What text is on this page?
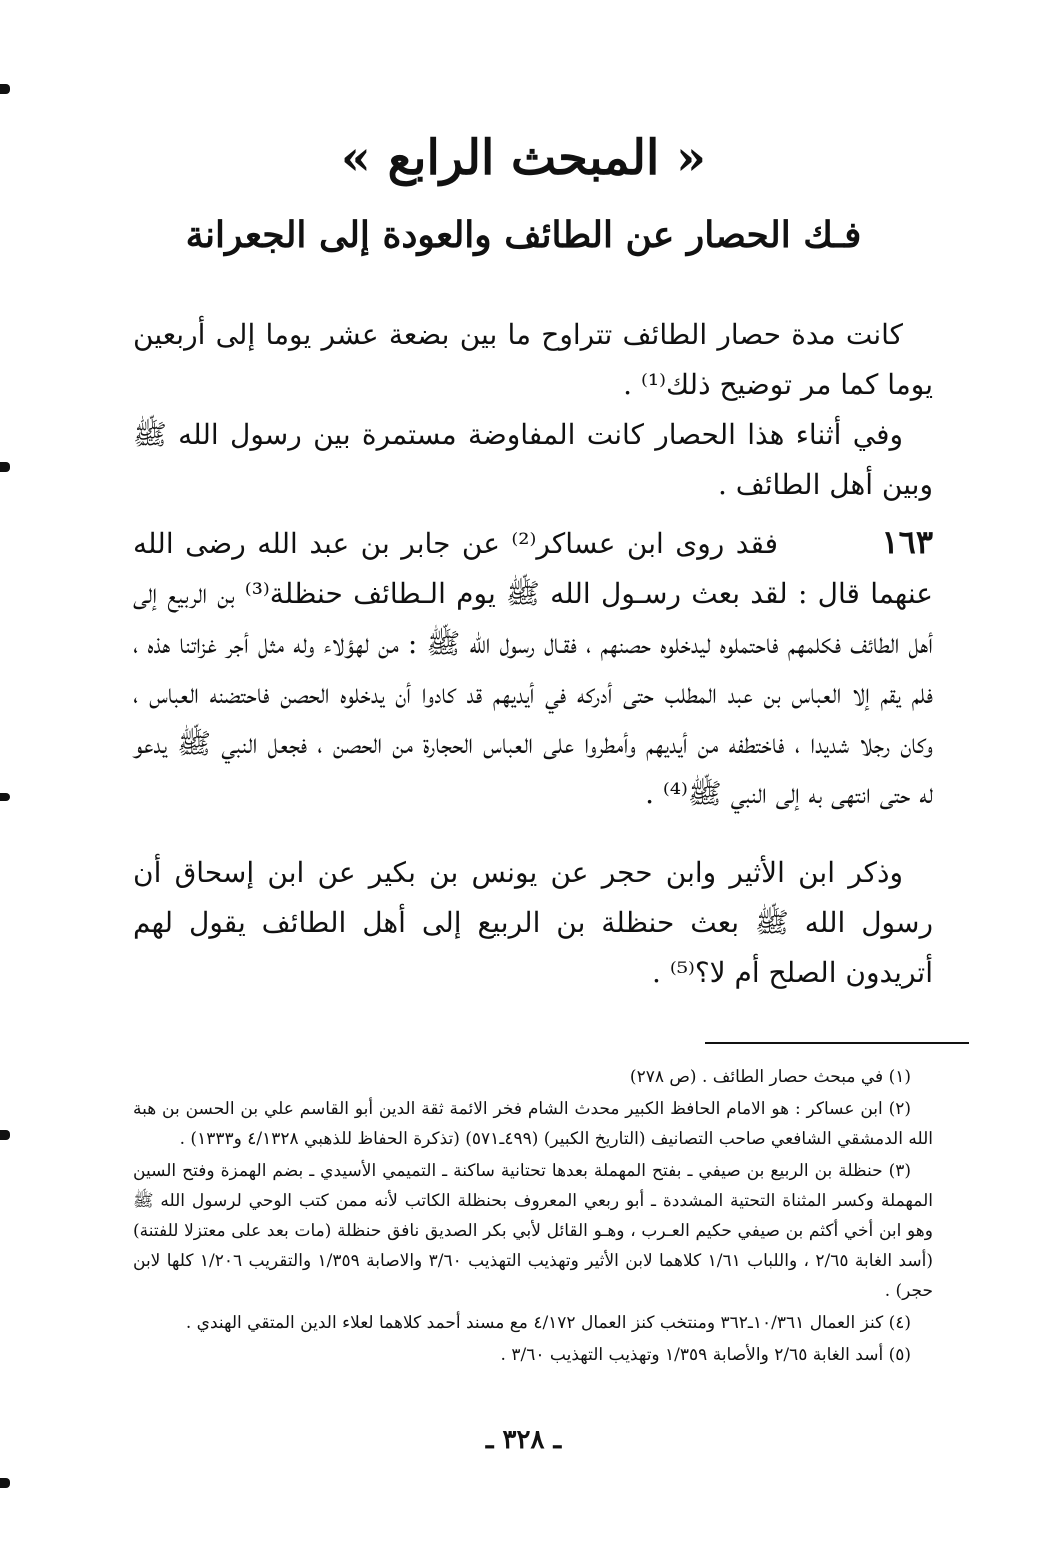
« المبحث الرابع »
فـك الحصار عن الطائف والعودة إلى الجعرانة
كانت مدة حصار الطائف تتراوح ما بين بضعة عشر يوما إلى أربعين يوما كما مر توضيح ذلك⁽¹⁾ .
وفي أثناء هذا الحصار كانت المفاوضة مستمرة بين رسول الله ﷺ وبين أهل الطائف .
١٦٣فقد روى ابن عساكر⁽²⁾ عن جابر بن عبد الله رضى الله عنهما قال : لقد بعث رسـول الله ﷺ يوم الـطائف حنظلة⁽³⁾ بن الربيع إلى أهل الطائف فكلمهم فاحتملوه ليدخلوه حصنهم ، فقـال رسول الله ﷺ : من لهؤلاء وله مثل أجر غزاتنا هذه ، فلم يقم إلا العباس بن عبد المطلب حتى أدركه في أيديهم قد كادوا أن يدخلوه الحصن فاحتضنه العباس ، وكان رجلا شديدا ، فاختطفه من أيديهم وأمطروا على العباس الحجارة من الحصن ، فجعل النبي ﷺ يدعو له حتى انتهى به إلى النبي ﷺ⁽⁴⁾ .
وذكر ابن الأثير وابن حجر عن يونس بن بكير عن ابن إسحاق أن رسول الله ﷺ بعث حنظلة بن الربيع إلى أهل الطائف يقول لهم أتريدون الصلح أم لا؟⁽⁵⁾ .

(١) في مبحث حصار الطائف . (ص ٢٧٨)

(٢) ابن عساكر : هو الامام الحافظ الكبير محدث الشام فخر الائمة ثقة الدين أبو القاسم علي بن الحسن بن هبة الله الدمشقي الشافعي صاحب التصانيف (التاريخ الكبير) (٤٩٩ـ٥٧١) (تذكرة الحفاظ للذهبي ٤/١٣٢٨ و١٣٣٣) .

(٣) حنظلة بن الربيع بن صيفي ـ بفتح المهملة بعدها تحتانية ساكنة ـ التميمي الأسيدي ـ بضم الهمزة وفتح السين المهملة وكسر المثناة التحتية المشددة ـ أبو ربعي المعروف بحنظلة الكاتب لأنه ممن كتب الوحي لرسول الله ﷺ وهو ابن أخي أكثم بن صيفي حكيم العـرب ، وهـو القائل لأبي بكر الصديق نافق حنظلة (مات بعد على معتزلا للفتنة) (أسد الغابة ٢/٦٥ ، واللباب ١/٦١ كلاهما لابن الأثير وتهذيب التهذيب ٣/٦٠ والاصابة ١/٣٥٩ والتقريب ١/٢٠٦ كلها لابن حجر) .

(٤) كنز العمال ١٠/٣٦١ـ٣٦٢ ومنتخب كنز العمال ٤/١٧٢ مع مسند أحمد كلاهما لعلاء الدين المتقي الهندي .

(٥) أسد الغابة ٢/٦٥ والأصابة ١/٣٥٩ وتهذيب التهذيب ٣/٦٠ .

ـ ٣٢٨ ـ
